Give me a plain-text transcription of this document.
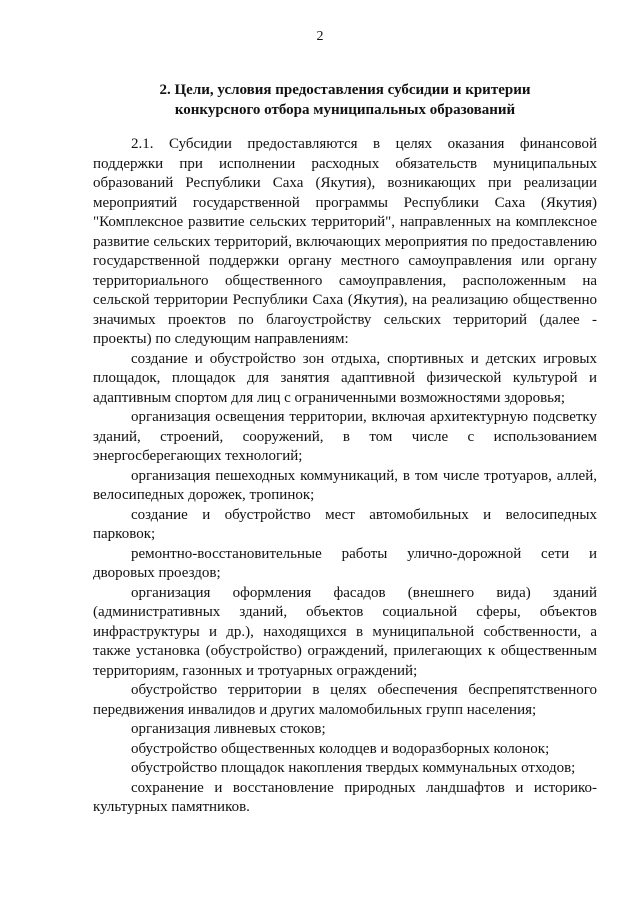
2
2. Цели, условия предоставления субсидии и критерии
конкурсного отбора муниципальных образований

2.1. Субсидии предоставляются в целях оказания финансовой поддержки при исполнении расходных обязательств муниципальных образований Республики Саха (Якутия), возникающих при реализации мероприятий государственной программы Республики Саха (Якутия) "Комплексное развитие сельских территорий", направленных на комплексное развитие сельских территорий, включающих мероприятия по предоставлению государственной поддержки органу местного самоуправления или органу территориального общественного самоуправления, расположенным на сельской территории Республики Саха (Якутия), на реализацию общественно значимых проектов по благоустройству сельских территорий (далее - проекты) по следующим направлениям:

создание и обустройство зон отдыха, спортивных и детских игровых площадок, площадок для занятия адаптивной физической культурой и адаптивным спортом для лиц с ограниченными возможностями здоровья;

организация освещения территории, включая архитектурную подсветку зданий, строений, сооружений, в том числе с использованием энергосберегающих технологий;

организация пешеходных коммуникаций, в том числе тротуаров, аллей, велосипедных дорожек, тропинок;

создание и обустройство мест автомобильных и велосипедных парковок;

ремонтно-восстановительные работы улично-дорожной сети и дворовых проездов;

организация оформления фасадов (внешнего вида) зданий (административных зданий, объектов социальной сферы, объектов инфраструктуры и др.), находящихся в муниципальной собственности, а также установка (обустройство) ограждений, прилегающих к общественным территориям, газонных и тротуарных ограждений;

обустройство территории в целях обеспечения беспрепятственного передвижения инвалидов и других маломобильных групп населения;

организация ливневых стоков;

обустройство общественных колодцев и водоразборных колонок;

обустройство площадок накопления твердых коммунальных отходов;

сохранение и восстановление природных ландшафтов и историко-культурных памятников.
